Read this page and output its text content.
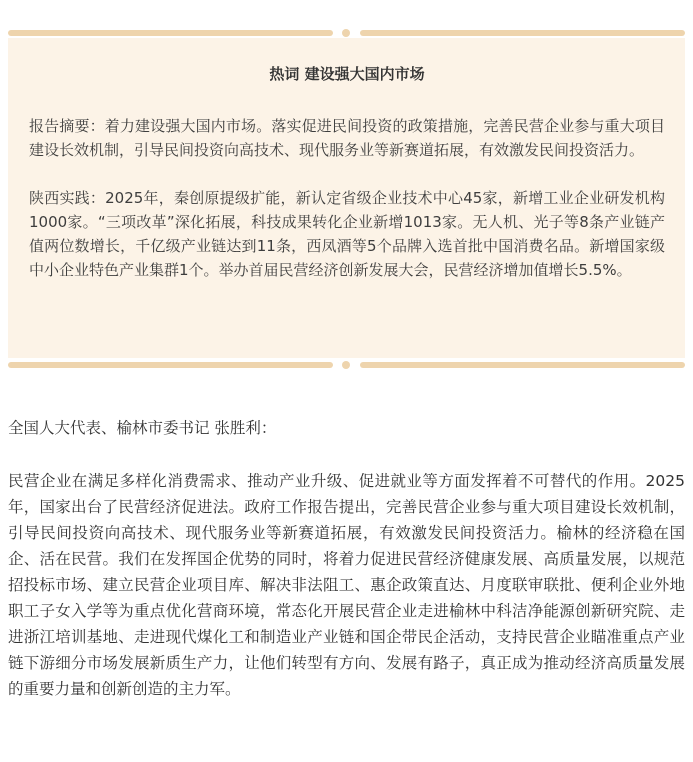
热词 建设强大国内市场

报告摘要：着力建设强大国内市场。落实促进民间投资的政策措施，完善民营企业参与重大项目建设长效机制，引导民间投资向高技术、现代服务业等新赛道拓展，有效激发民间投资活力。

陕西实践：2025年，秦创原提级扩能，新认定省级企业技术中心45家，新增工业企业研发机构1000家。“三项改革”深化拓展，科技成果转化企业新增1013家。无人机、光子等8条产业链产值两位数增长，千亿级产业链达到11条，西凤酒等5个品牌入选首批中国消费名品。新增国家级中小企业特色产业集群1个。举办首届民营经济创新发展大会，民营经济增加值增长5.5%。

全国人大代表、榆林市委书记 张胜利：

民营企业在满足多样化消费需求、推动产业升级、促进就业等方面发挥着不可替代的作用。2025年，国家出台了民营经济促进法。政府工作报告提出，完善民营企业参与重大项目建设长效机制，引导民间投资向高技术、现代服务业等新赛道拓展，有效激发民间投资活力。榆林的经济稳在国企、活在民营。我们在发挥国企优势的同时，将着力促进民营经济健康发展、高质量发展，以规范招投标市场、建立民营企业项目库、解决非法阻工、惠企政策直达、月度联审联批、便利企业外地职工子女入学等为重点优化营商环境，常态化开展民营企业走进榆林中科洁净能源创新研究院、走进浙江培训基地、走进现代煤化工和制造业产业链和国企带民企活动，支持民营企业瞄准重点产业链下游细分市场发展新质生产力，让他们转型有方向、发展有路子，真正成为推动经济高质量发展的重要力量和创新创造的主力军。
